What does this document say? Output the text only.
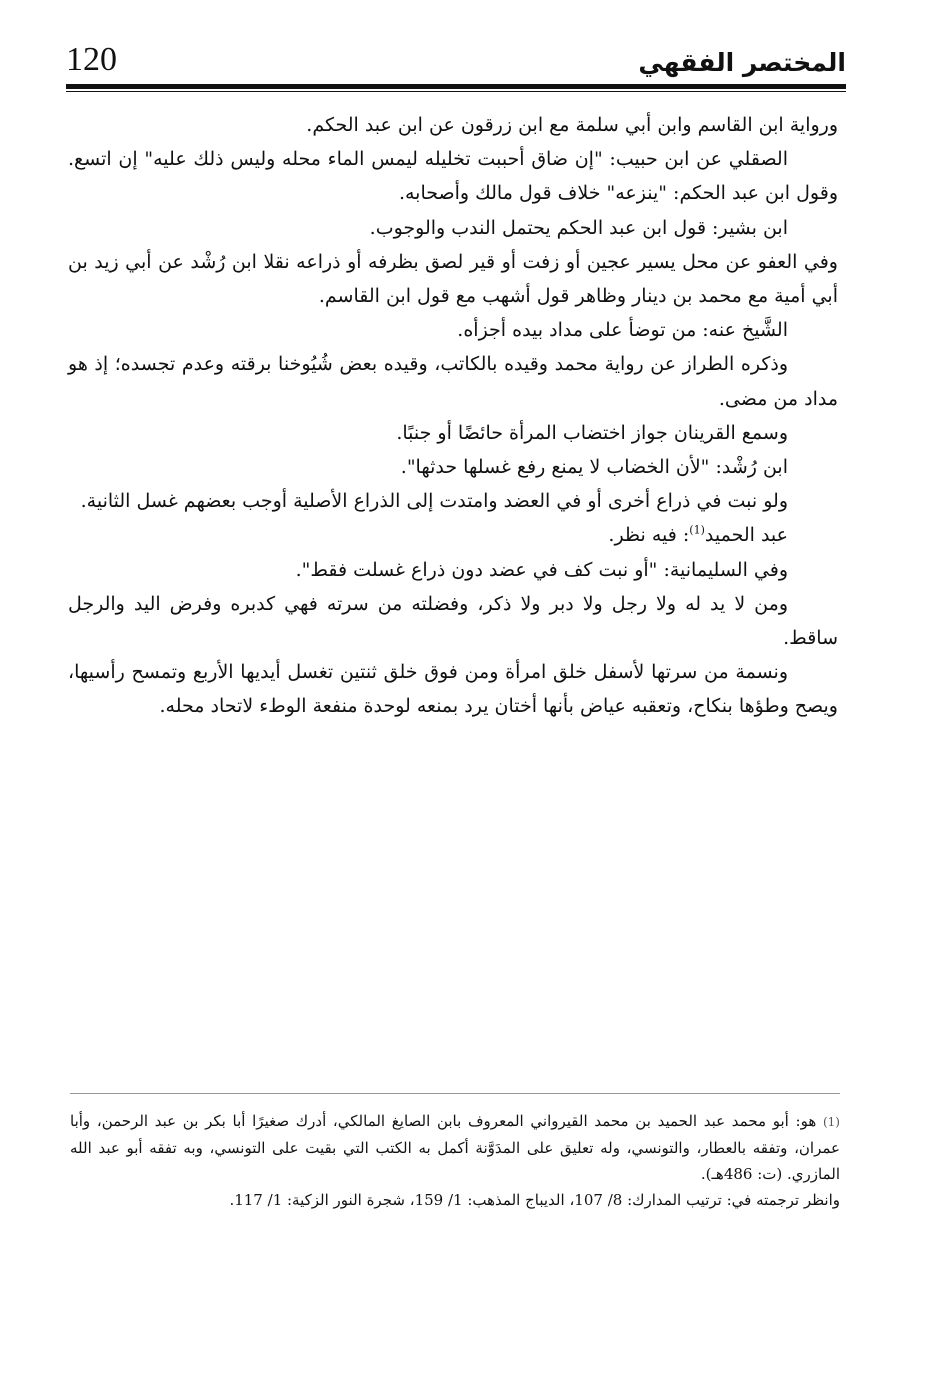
120	المختصر الفقهي

ورواية ابن القاسم وابن أبي سلمة مع ابن زرقون عن ابن عبد الحكم.

الصقلي عن ابن حبيب: "إن ضاق أحببت تخليله ليمس الماء محله وليس ذلك عليه" إن اتسع. وقول ابن عبد الحكم: "ينزعه" خلاف قول مالك وأصحابه.

ابن بشير: قول ابن عبد الحكم يحتمل الندب والوجوب.

وفي العفو عن محل يسير عجين أو زفت أو قير لصق بظرفه أو ذراعه نقلا ابن رُشْد عن أبي زيد بن أبي أمية مع محمد بن دينار وظاهر قول أشهب مع قول ابن القاسم.

الشَّيخ عنه: من توضأ على مداد بيده أجزأه.

وذكره الطراز عن رواية محمد وقيده بالكاتب، وقيده بعض شُيُوخنا برقته وعدم تجسده؛ إذ هو مداد من مضى.

وسمع القرينان جواز اختضاب المرأة حائضًا أو جنبًا.

ابن رُشْد: "لأن الخضاب لا يمنع رفع غسلها حدثها".

ولو نبت في ذراع أخرى أو في العضد وامتدت إلى الذراع الأصلية أوجب بعضهم غسل الثانية.

عبد الحميد$^{(1)}$: فيه نظر.

وفي السليمانية: "أو نبت كف في عضد دون ذراع غسلت فقط".

ومن لا يد له ولا رجل ولا دبر ولا ذكر، وفضلته من سرته فهي كدبره وفرض اليد والرجل ساقط.

ونسمة من سرتها لأسفل خلق امرأة ومن فوق خلق ثنتين تغسل أيديها الأربع وتمسح رأسيها، ويصح وطؤها بنكاح، وتعقبه عياض بأنها أختان يرد بمنعه لوحدة منفعة الوطء لاتحاد محله.

(1) هو: أبو محمد عبد الحميد بن محمد القيرواني المعروف بابن الصايغ المالكي، أدرك صغيرًا أبا بكر بن عبد الرحمن، وأبا عمران، وتفقه بالعطار، والتونسي، وله تعليق على المدَوَّنة أكمل به الكتب التي بقيت على التونسي، وبه تفقه أبو عبد الله المازري. (ت: 486هـ).

وانظر ترجمته في: ترتيب المدارك: 8/ 107، الديباج المذهب: 1/ 159، شجرة النور الزكية: 1/ 117.
